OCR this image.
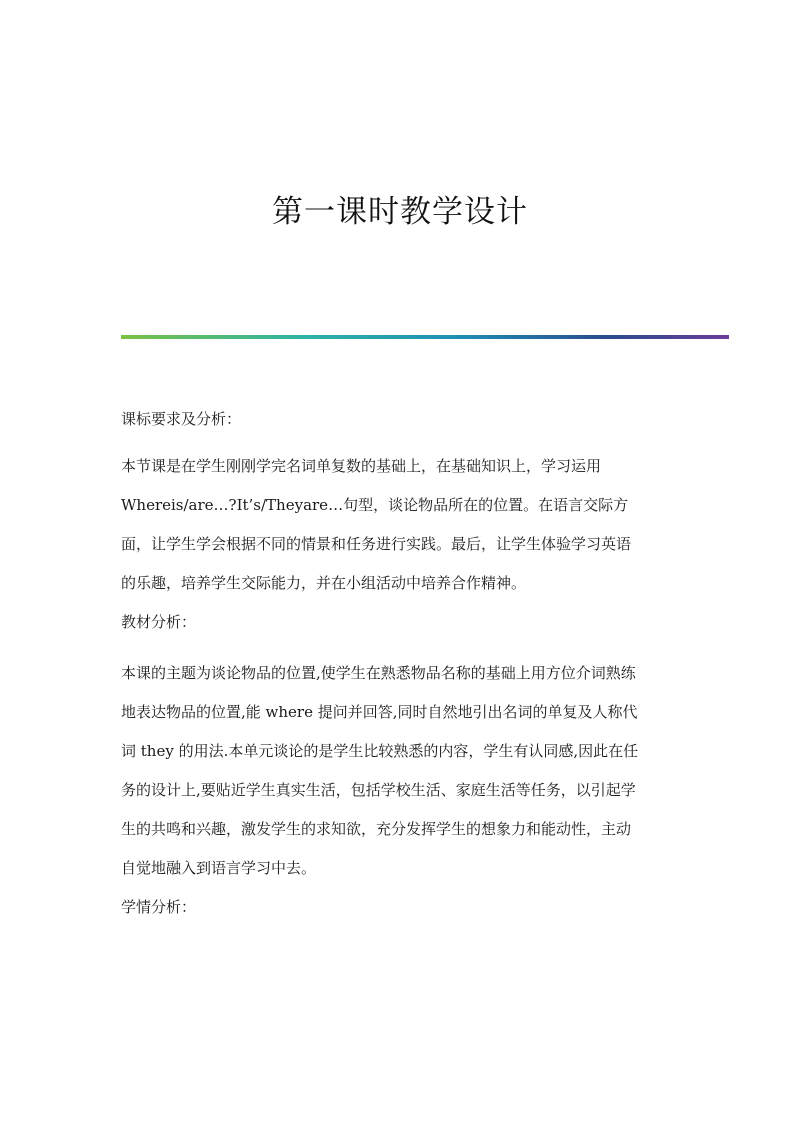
第一课时教学设计

课标要求及分析：

本节课是在学生刚刚学完名词单复数的基础上，在基础知识上，学习运用

Whereis/are…?It’s/Theyare…句型，谈论物品所在的位置。在语言交际方

面，让学生学会根据不同的情景和任务进行实践。最后，让学生体验学习英语

的乐趣，培养学生交际能力，并在小组活动中培养合作精神。

教材分析：

本课的主题为谈论物品的位置,使学生在熟悉物品名称的基础上用方位介词熟练

地表达物品的位置,能 where 提问并回答,同时自然地引出名词的单复及人称代

词 they 的用法.本单元谈论的是学生比较熟悉的内容，学生有认同感,因此在任

务的设计上,要贴近学生真实生活，包括学校生活、家庭生活等任务，以引起学

生的共鸣和兴趣，激发学生的求知欲，充分发挥学生的想象力和能动性，主动

自觉地融入到语言学习中去。

学情分析：
